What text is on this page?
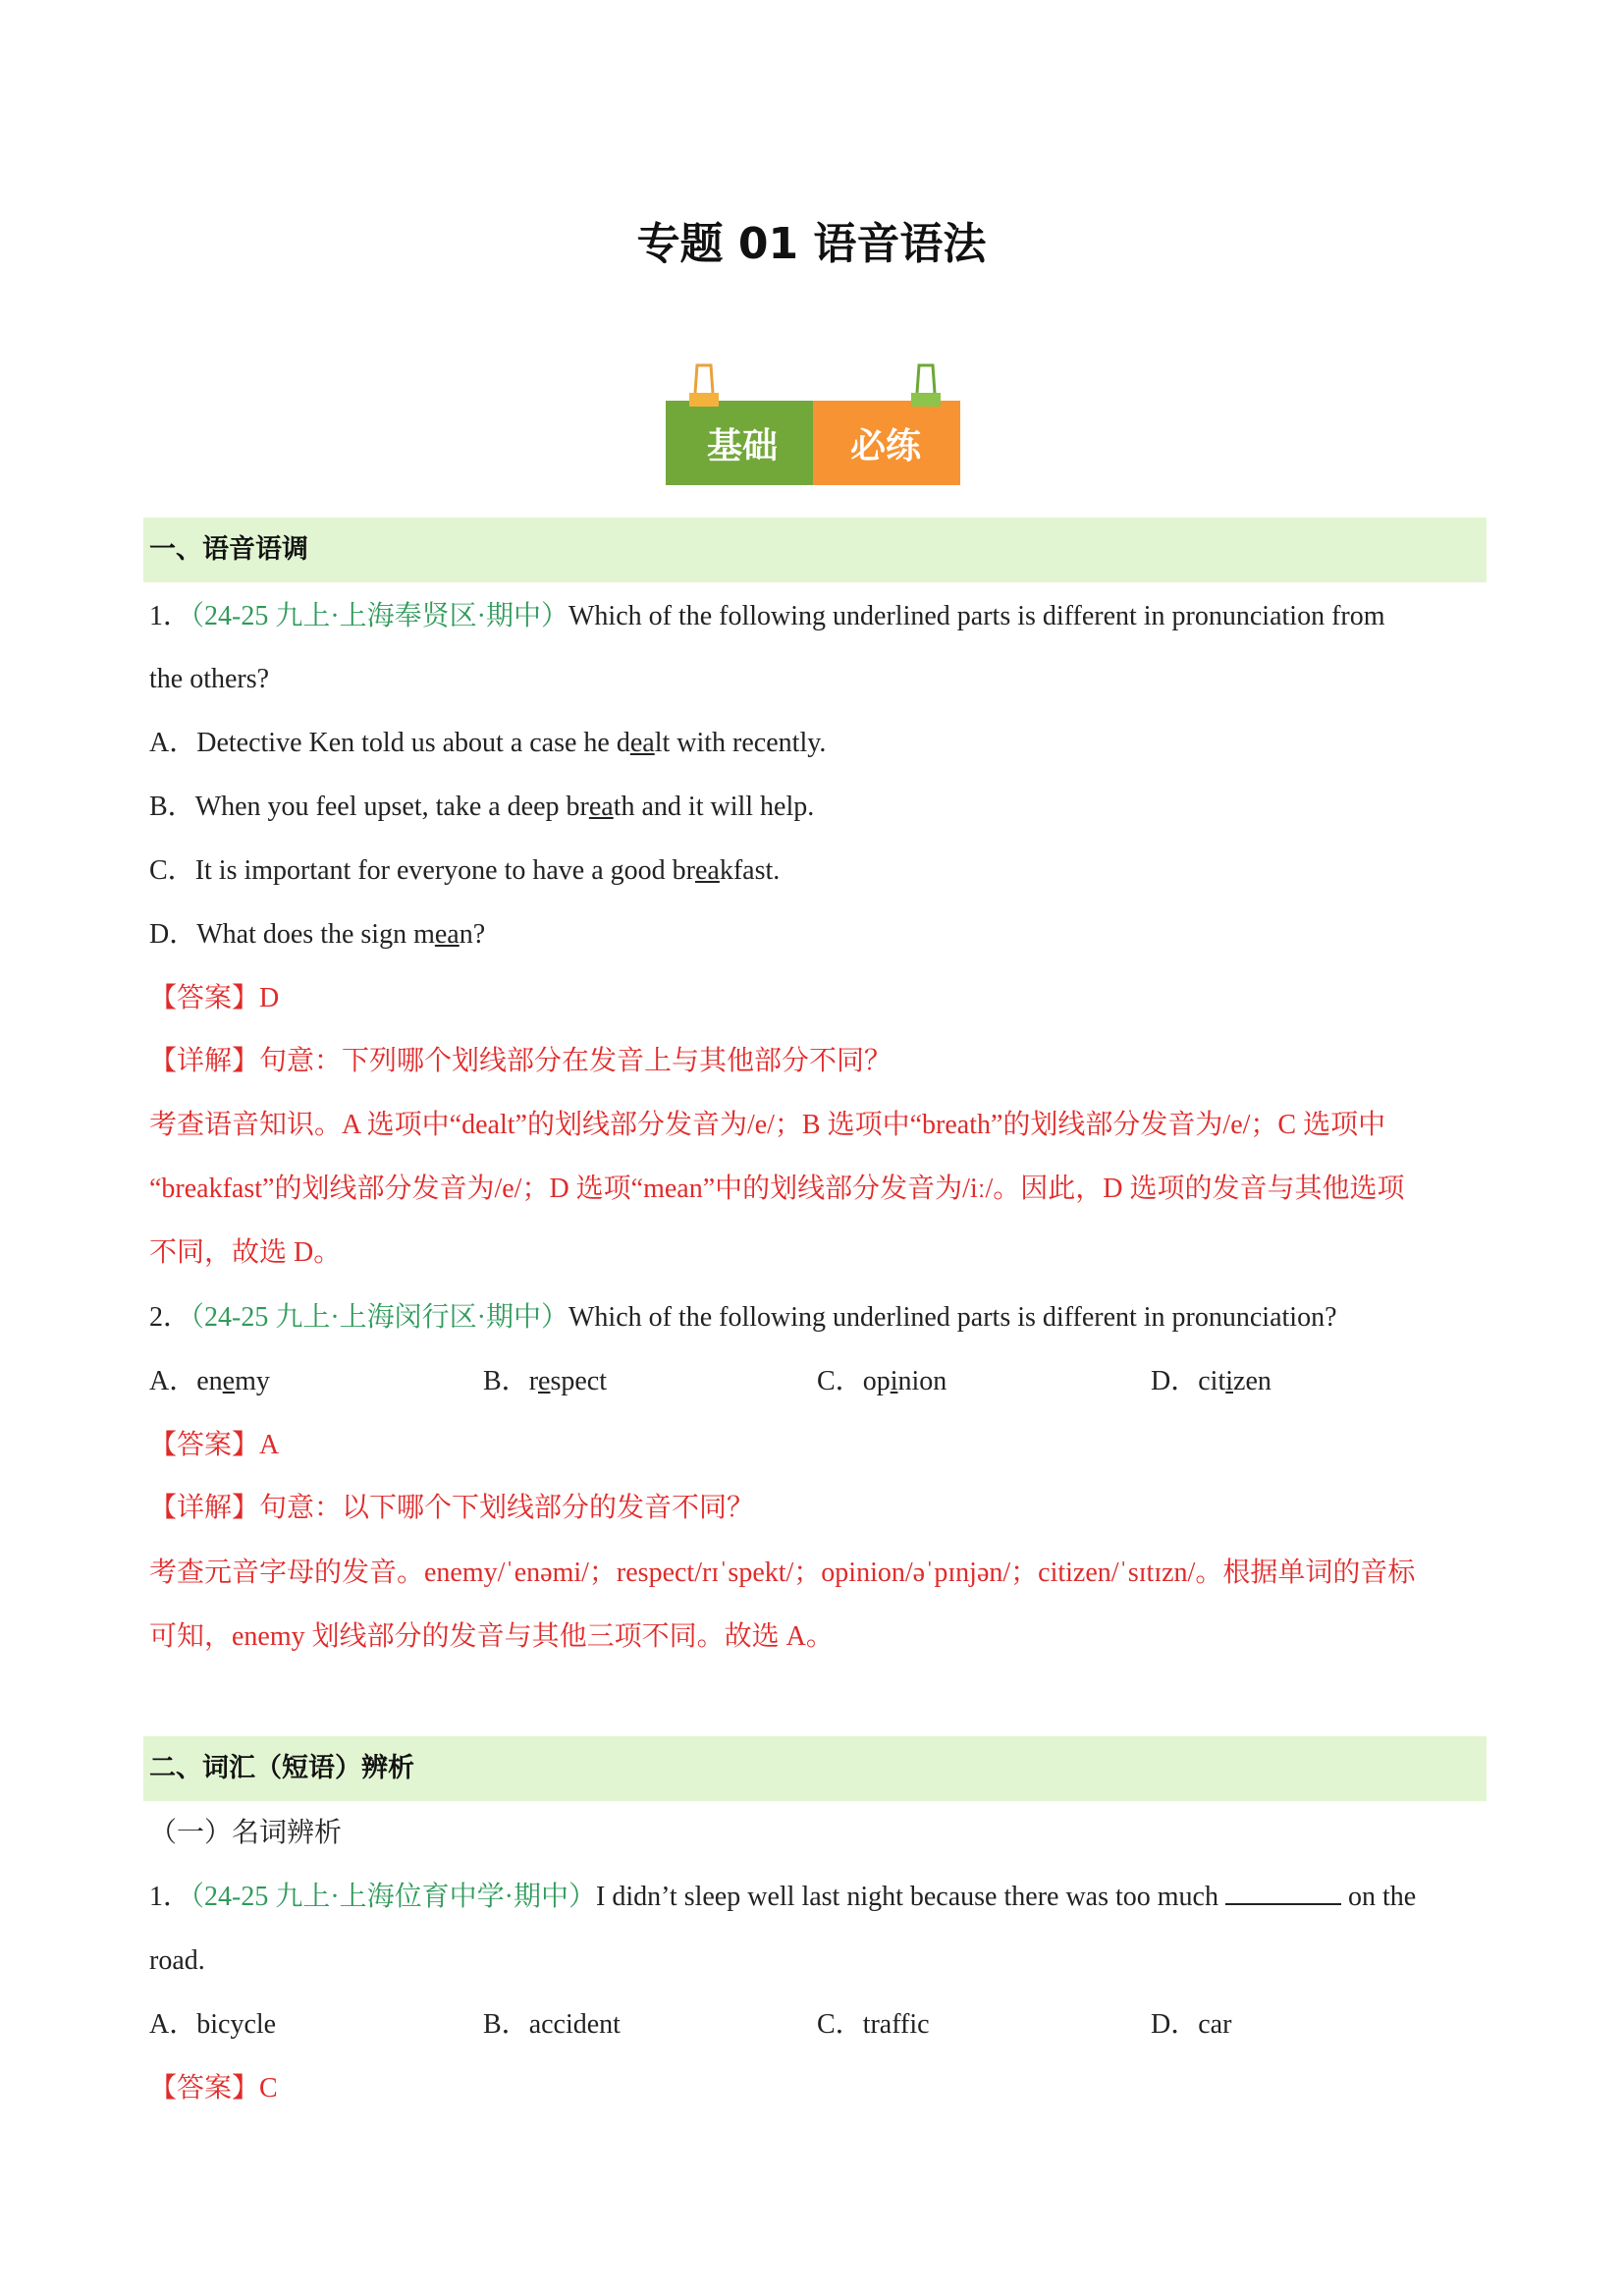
专题 01 语音语法
基础 必练
一、语音语调
1．（24-25 九上·上海奉贤区·期中）Which of the following underlined parts is different in pronunciation from
the others?
A．Detective Ken told us about a case he dealt with recently.
B．When you feel upset, take a deep breath and it will help.
C．It is important for everyone to have a good breakfast.
D．What does the sign mean?
【答案】D
【详解】句意：下列哪个划线部分在发音上与其他部分不同？
考查语音知识。A 选项中“dealt”的划线部分发音为/e/；B 选项中“breath”的划线部分发音为/e/；C 选项中
“breakfast”的划线部分发音为/e/；D 选项“mean”中的划线部分发音为/iː/。因此，D 选项的发音与其他选项
不同，故选 D。
2．（24-25 九上·上海闵行区·期中）Which of the following underlined parts is different in pronunciation?
A．enemy	B．respect	C．opinion	D．citizen
【答案】A
【详解】句意：以下哪个下划线部分的发音不同？
考查元音字母的发音。enemy/ˈenəmi/；respect/rɪˈspekt/；opinion/əˈpɪnjən/；citizen/ˈsɪtɪzn/。根据单词的音标
可知，enemy 划线部分的发音与其他三项不同。故选 A。
二、词汇（短语）辨析
（一）名词辨析
1．（24-25 九上·上海位育中学·期中）I didn’t sleep well last night because there was too much	on the
road.
A．bicycle	B．accident	C．traffic	D．car
【答案】C
